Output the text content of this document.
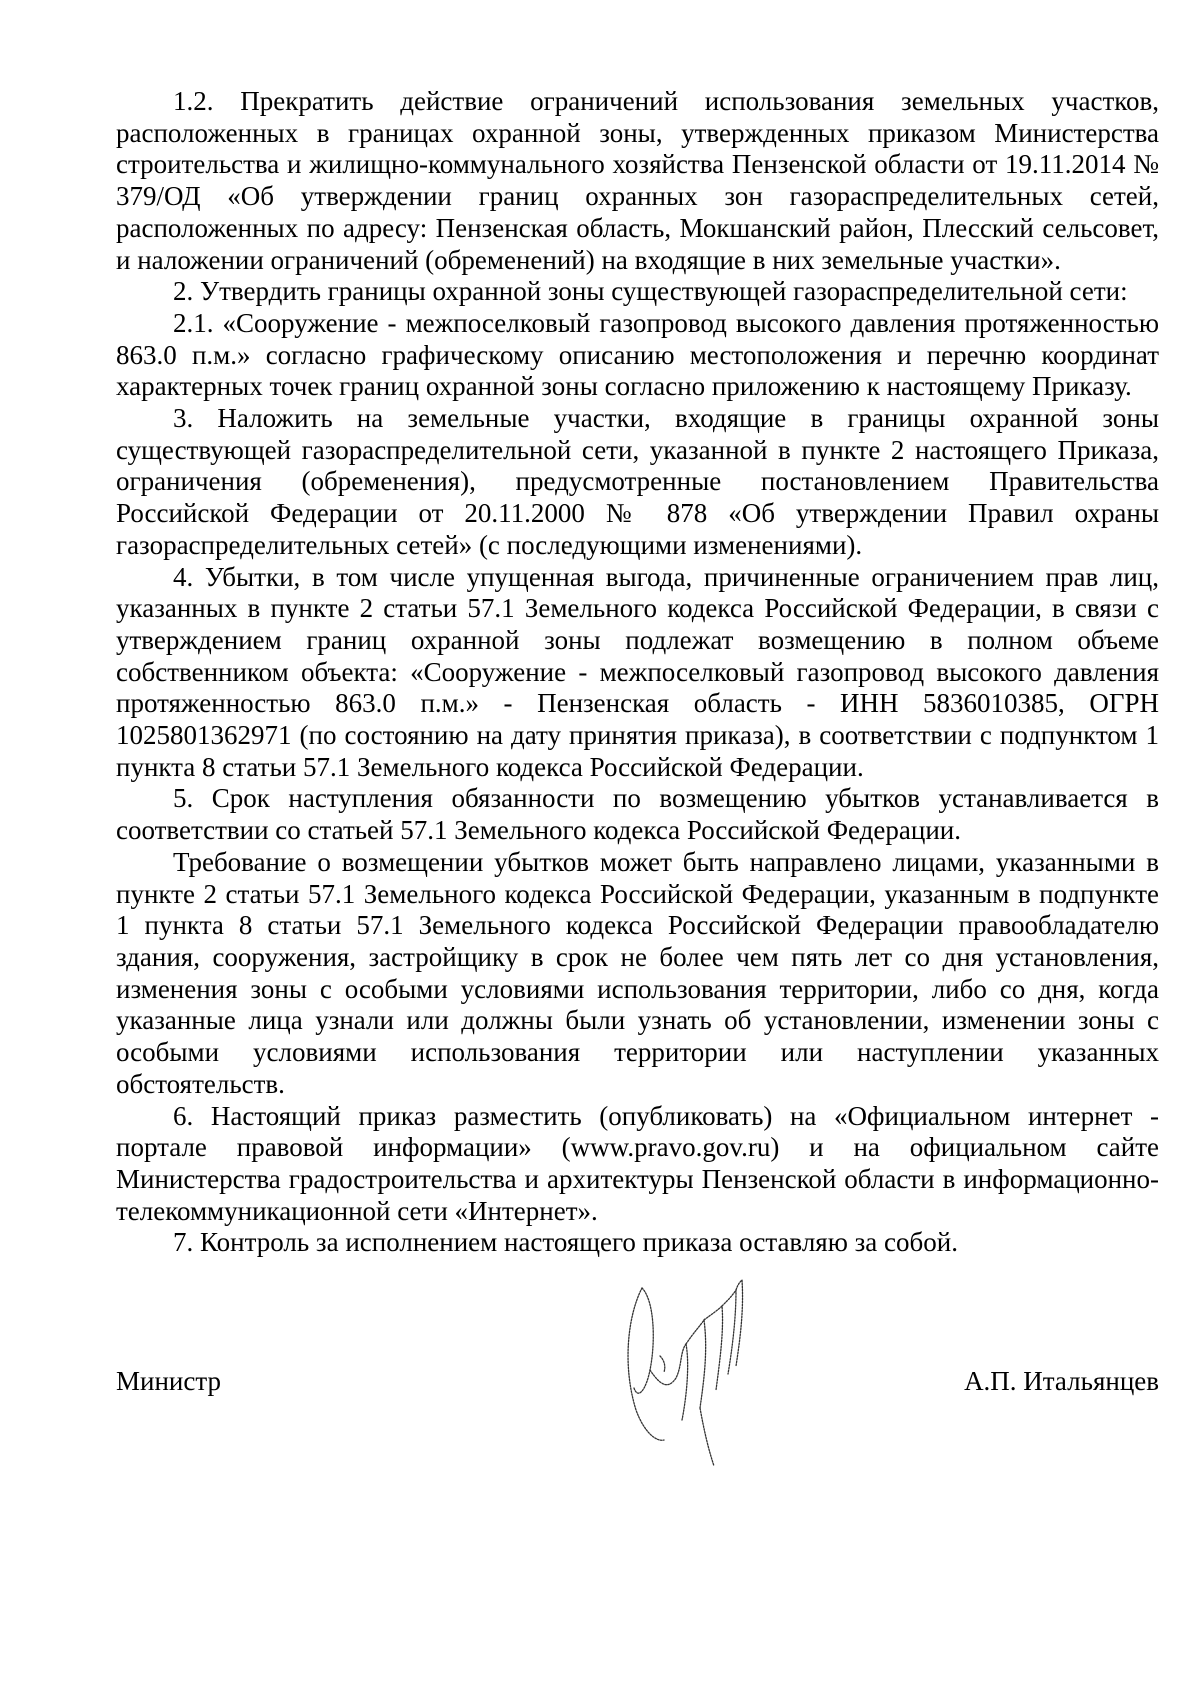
1.2. Прекратить действие ограничений использования земельных участков, расположенных в границах охранной зоны, утвержденных приказом Министерства строительства и жилищно-коммунального хозяйства Пензенской области от 19.11.2014 № 379/ОД «Об утверждении границ охранных зон газораспределительных сетей, расположенных по адресу: Пензенская область, Мокшанский район, Плесский сельсовет, и наложении ограничений (обременений) на входящие в них земельные участки».

2. Утвердить границы охранной зоны существующей газораспределительной сети:

2.1. «Сооружение - межпоселковый газопровод высокого давления протяженностью 863.0 п.м.» согласно графическому описанию местоположения и перечню координат характерных точек границ охранной зоны согласно приложению к настоящему Приказу.

3. Наложить на земельные участки, входящие в границы охранной зоны существующей газораспределительной сети, указанной в пункте 2 настоящего Приказа, ограничения (обременения), предусмотренные постановлением Правительства Российской Федерации от 20.11.2000 № 878 «Об утверждении Правил охраны газораспределительных сетей» (с последующими изменениями).

4. Убытки, в том числе упущенная выгода, причиненные ограничением прав лиц, указанных в пункте 2 статьи 57.1 Земельного кодекса Российской Федерации, в связи с утверждением границ охранной зоны подлежат возмещению в полном объеме собственником объекта: «Сооружение - межпоселковый газопровод высокого давления протяженностью 863.0 п.м.» - Пензенская область - ИНН 5836010385, ОГРН 1025801362971 (по состоянию на дату принятия приказа), в соответствии с подпунктом 1 пункта 8 статьи 57.1 Земельного кодекса Российской Федерации.

5. Срок наступления обязанности по возмещению убытков устанавливается в соответствии со статьей 57.1 Земельного кодекса Российской Федерации.

Требование о возмещении убытков может быть направлено лицами, указанными в пункте 2 статьи 57.1 Земельного кодекса Российской Федерации, указанным в подпункте 1 пункта 8 статьи 57.1 Земельного кодекса Российской Федерации правообладателю здания, сооружения, застройщику в срок не более чем пять лет со дня установления, изменения зоны с особыми условиями использования территории, либо со дня, когда указанные лица узнали или должны были узнать об установлении, изменении зоны с особыми условиями использования территории или наступлении указанных обстоятельств.

6. Настоящий приказ разместить (опубликовать) на «Официальном интернет - портале правовой информации» (www.pravo.gov.ru) и на официальном сайте Министерства градостроительства и архитектуры Пензенской области в информационно-телекоммуникационной сети «Интернет».

7. Контроль за исполнением настоящего приказа оставляю за собой.

Министр	А.П. Итальянцев
